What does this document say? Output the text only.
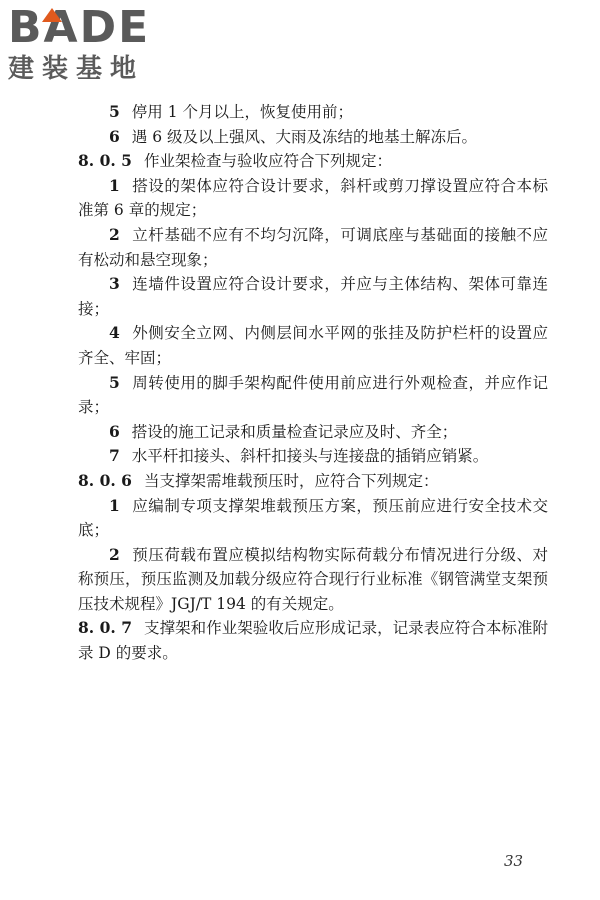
BADE
建装基地

5 停用 1 个月以上，恢复使用前；

6 遇 6 级及以上强风、大雨及冻结的地基土解冻后。

8. 0. 5 作业架检查与验收应符合下列规定：

1 搭设的架体应符合设计要求，斜杆或剪刀撑设置应符合本标准第 6 章的规定；

2 立杆基础不应有不均匀沉降，可调底座与基础面的接触不应有松动和悬空现象；

3 连墙件设置应符合设计要求，并应与主体结构、架体可靠连接；

4 外侧安全立网、内侧层间水平网的张挂及防护栏杆的设置应齐全、牢固；

5 周转使用的脚手架构配件使用前应进行外观检查，并应作记录；

6 搭设的施工记录和质量检查记录应及时、齐全；

7 水平杆扣接头、斜杆扣接头与连接盘的插销应销紧。

8. 0. 6 当支撑架需堆载预压时，应符合下列规定：

1 应编制专项支撑架堆载预压方案，预压前应进行安全技术交底；

2 预压荷载布置应模拟结构物实际荷载分布情况进行分级、对称预压，预压监测及加载分级应符合现行行业标准《钢管满堂支架预压技术规程》JGJ/T 194 的有关规定。

8. 0. 7 支撑架和作业架验收后应形成记录，记录表应符合本标准附录 D 的要求。

33
